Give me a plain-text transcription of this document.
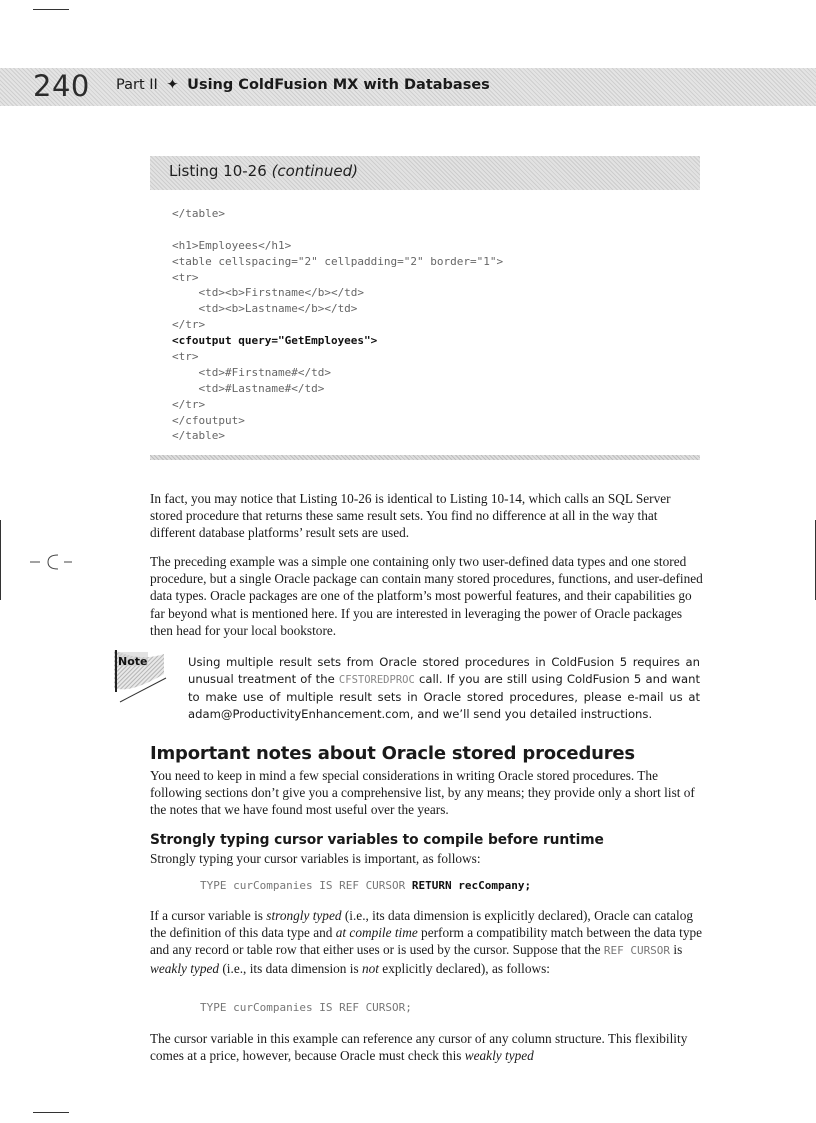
240 Part II ✦ Using ColdFusion MX with Databases
Listing 10-26 (continued)
</table>
<h1>Employees</h1>
<table cellspacing="2" cellpadding="2" border="1">
<tr>
<td><b>Firstname</b></td>
<td><b>Lastname</b></td>
</tr>
<cfoutput query="GetEmployees">
<tr>
<td>#Firstname#</td>
<td>#Lastname#</td>
</tr>
</cfoutput>
</table>
In fact, you may notice that Listing 10-26 is identical to Listing 10-14, which calls an SQL Server stored procedure that returns these same result sets. You find no difference at all in the way that different database platforms’ result sets are used.
The preceding example was a simple one containing only two user-defined data types and one stored procedure, but a single Oracle package can contain many stored procedures, functions, and user-defined data types. Oracle packages are one of the platform’s most powerful features, and their capabilities go far beyond what is mentioned here. If you are interested in leveraging the power of Oracle packages then head for your local bookstore.
Note	Using multiple result sets from Oracle stored procedures in ColdFusion 5 requires an unusual treatment of the CFSTOREDPROC call. If you are still using ColdFusion 5 and want to make use of multiple result sets in Oracle stored procedures, please e-mail us at adam@ProductivityEnhancement.com, and we’ll send you detailed instructions.
Important notes about Oracle stored procedures
You need to keep in mind a few special considerations in writing Oracle stored procedures. The following sections don’t give you a comprehensive list, by any means; they provide only a short list of the notes that we have found most useful over the years.
Strongly typing cursor variables to compile before runtime
Strongly typing your cursor variables is important, as follows:
TYPE curCompanies IS REF CURSOR RETURN recCompany;
If a cursor variable is strongly typed (i.e., its data dimension is explicitly declared), Oracle can catalog the definition of this data type and at compile time perform a compatibility match between the data type and any record or table row that either uses or is used by the cursor. Suppose that the REF CURSOR is weakly typed (i.e., its data dimension is not explicitly declared), as follows:
TYPE curCompanies IS REF CURSOR;
The cursor variable in this example can reference any cursor of any column structure. This flexibility comes at a price, however, because Oracle must check this weakly typed
